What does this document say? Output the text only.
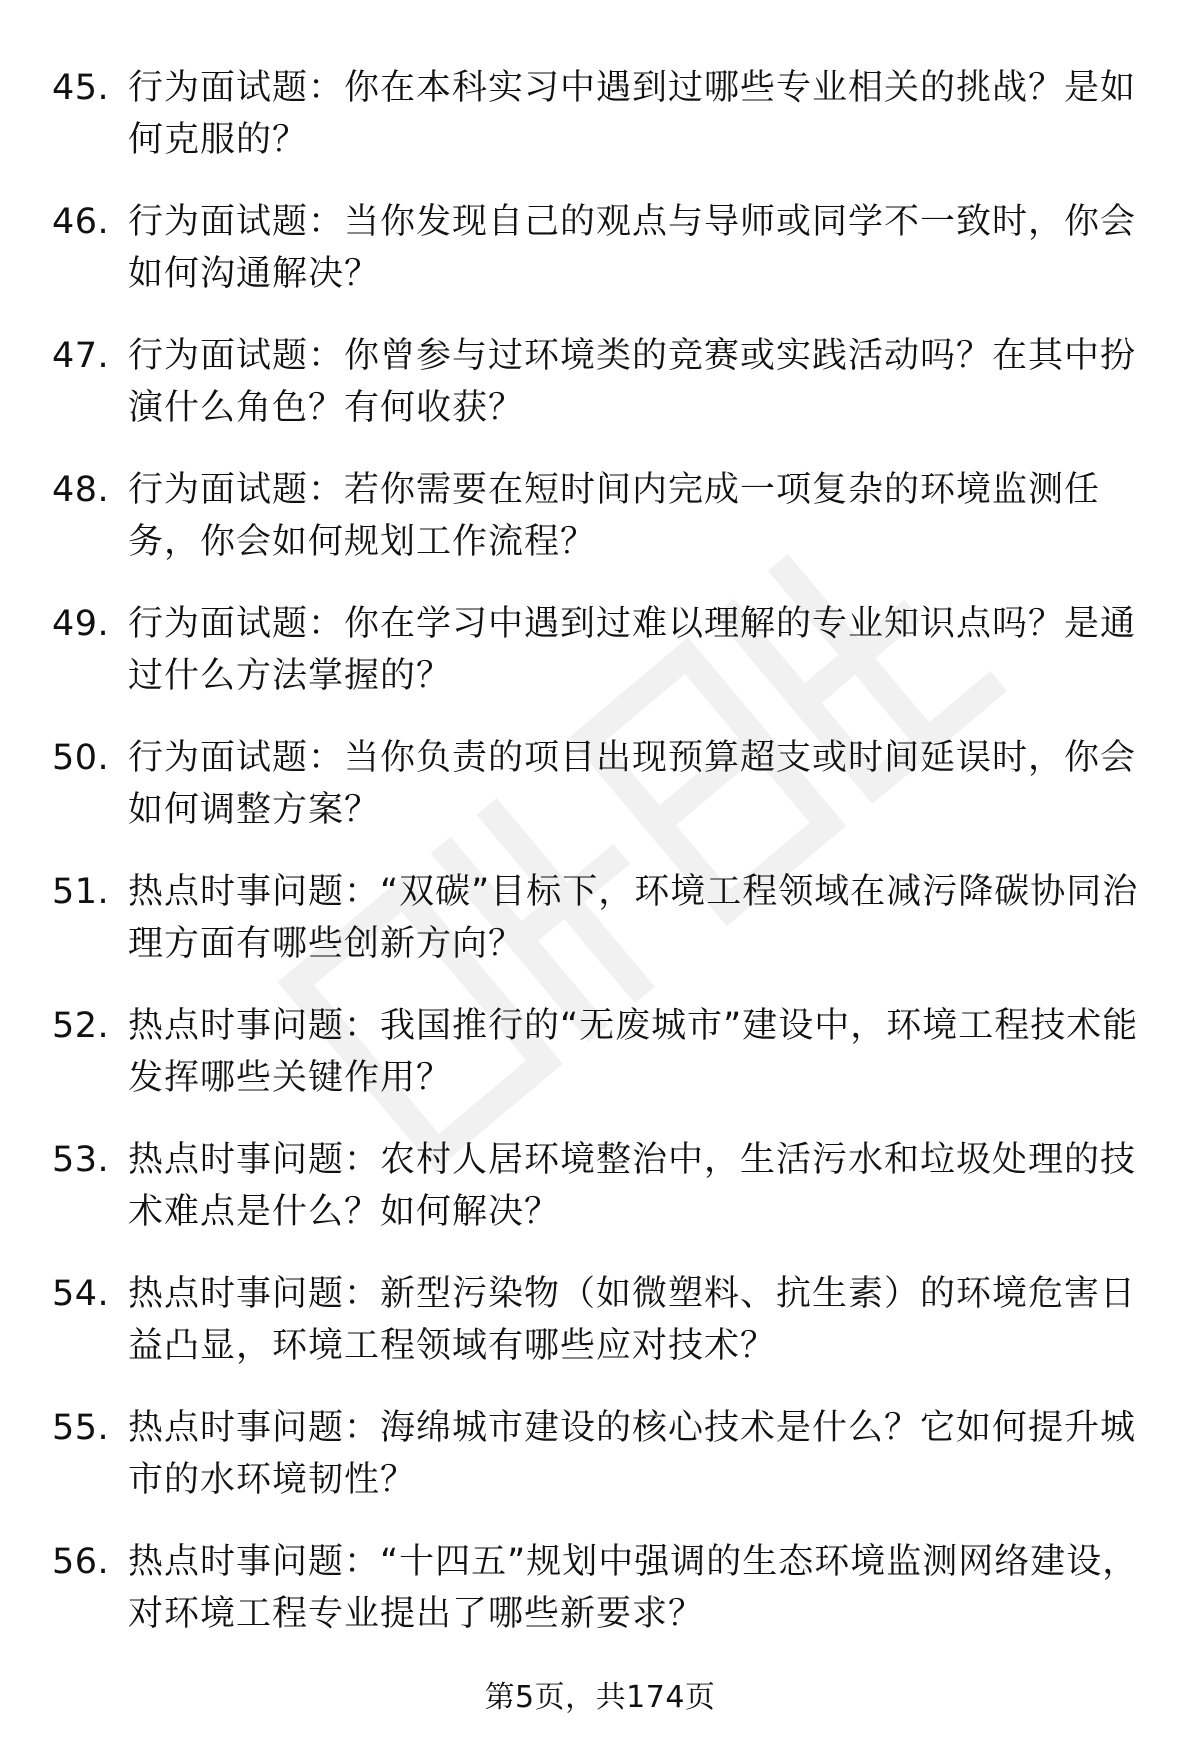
45. 行为面试题：你在本科实习中遇到过哪些专业相关的挑战？是如何克服的？
46. 行为面试题：当你发现自己的观点与导师或同学不一致时，你会如何沟通解决？
47. 行为面试题：你曾参与过环境类的竞赛或实践活动吗？在其中扮演什么角色？有何收获？
48. 行为面试题：若你需要在短时间内完成一项复杂的环境监测任务，你会如何规划工作流程？
49. 行为面试题：你在学习中遇到过难以理解的专业知识点吗？是通过什么方法掌握的？
50. 行为面试题：当你负责的项目出现预算超支或时间延误时，你会如何调整方案？
51. 热点时事问题：“双碳”目标下，环境工程领域在减污降碳协同治理方面有哪些创新方向？
52. 热点时事问题：我国推行的“无废城市”建设中，环境工程技术能发挥哪些关键作用？
53. 热点时事问题：农村人居环境整治中，生活污水和垃圾处理的技术难点是什么？如何解决？
54. 热点时事问题：新型污染物（如微塑料、抗生素）的环境危害日益凸显，环境工程领域有哪些应对技术？
55. 热点时事问题：海绵城市建设的核心技术是什么？它如何提升城市的水环境韧性？
56. 热点时事问题：“十四五”规划中强调的生态环境监测网络建设，对环境工程专业提出了哪些新要求？
第5页，共174页
